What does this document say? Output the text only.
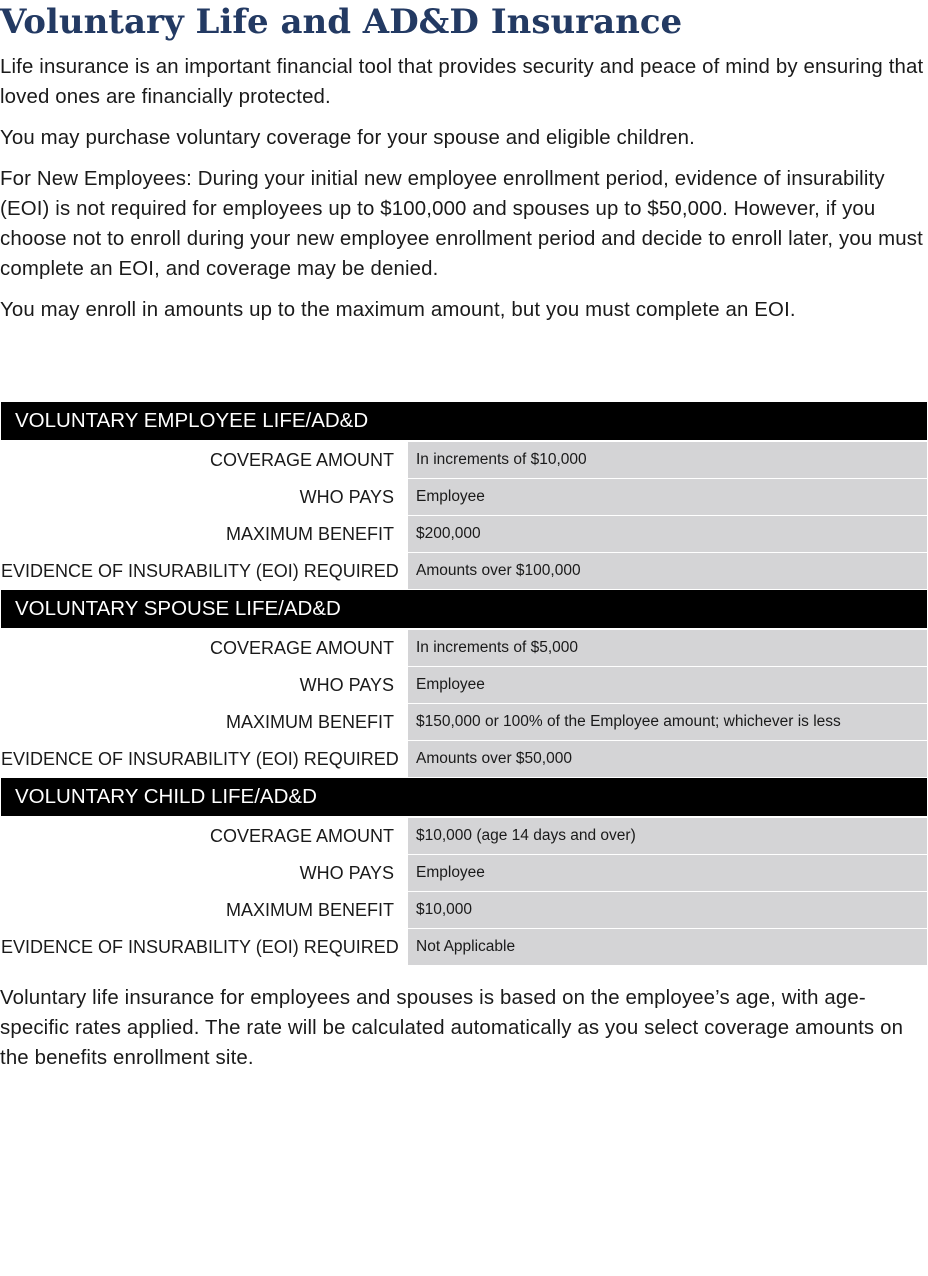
Voluntary Life and AD&D Insurance

Life insurance is an important financial tool that provides security and peace of mind by ensuring that loved ones are financially protected.

You may purchase voluntary coverage for your spouse and eligible children.

For New Employees: During your initial new employee enrollment period, evidence of insurability (EOI) is not required for employees up to $100,000 and spouses up to $50,000. However, if you choose not to enroll during your new employee enrollment period and decide to enroll later, you must complete an EOI, and coverage may be denied.

You may enroll in amounts up to the maximum amount, but you must complete an EOI.

VOLUNTARY EMPLOYEE LIFE/AD&D
COVERAGE AMOUNT	In increments of $10,000
WHO PAYS	Employee
MAXIMUM BENEFIT	$200,000
EVIDENCE OF INSURABILITY (EOI) REQUIRED	Amounts over $100,000
VOLUNTARY SPOUSE LIFE/AD&D
COVERAGE AMOUNT	In increments of $5,000
WHO PAYS	Employee
MAXIMUM BENEFIT	$150,000 or 100% of the Employee amount; whichever is less
EVIDENCE OF INSURABILITY (EOI) REQUIRED	Amounts over $50,000
VOLUNTARY CHILD LIFE/AD&D
COVERAGE AMOUNT	$10,000 (age 14 days and over)
WHO PAYS	Employee
MAXIMUM BENEFIT	$10,000
EVIDENCE OF INSURABILITY (EOI) REQUIRED	Not Applicable

Voluntary life insurance for employees and spouses is based on the employee’s age, with age-specific rates applied. The rate will be calculated automatically as you select coverage amounts on the benefits enrollment site.
